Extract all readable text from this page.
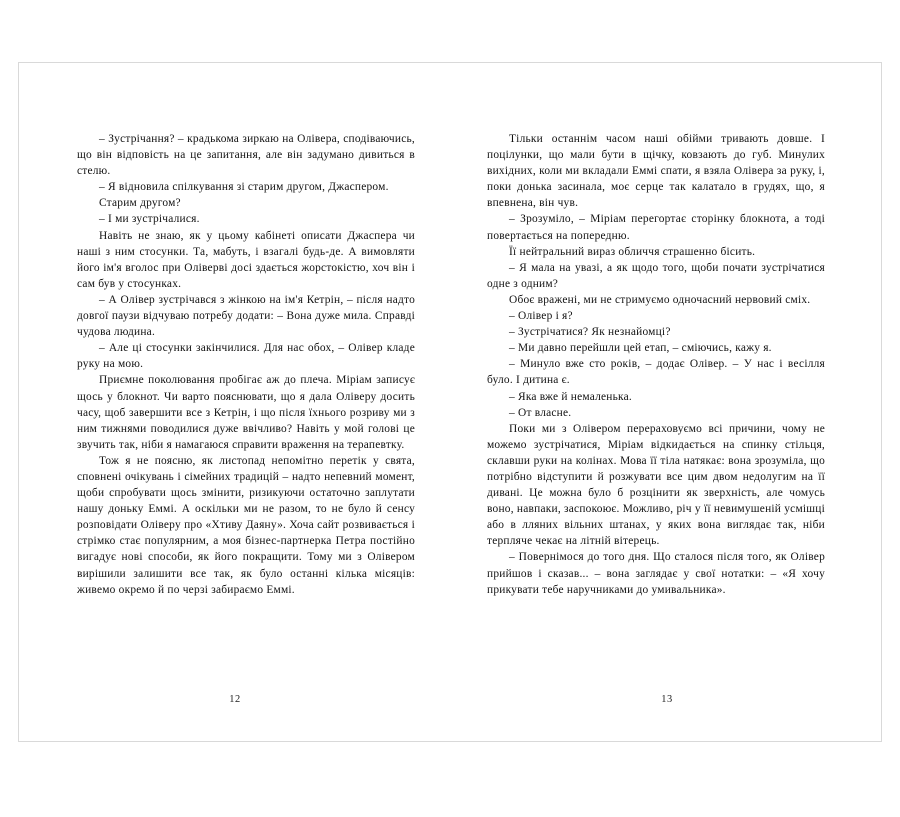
– Зустрічання? – крадькома зиркаю на Олівера, сподіваючись, що він відповість на це запитання, але він задумано дивиться в стелю.

– Я відновила спілкування зі старим другом, Джаспером.

Старим другом?

– І ми зустрічалися.

Навіть не знаю, як у цьому кабінеті описати Джаспера чи наші з ним стосунки. Та, мабуть, і взагалі будь-де. А вимовляти його ім'я вголос при Оліверві досі здається жорстокістю, хоч він і сам був у стосунках.

– А Олівер зустрічався з жінкою на ім'я Кетрін, – після надто довгої паузи відчуваю потребу додати: – Вона дуже мила. Справді чудова людина.

– Але ці стосунки закінчилися. Для нас обох, – Олівер кладе руку на мою.

Приємне поколювання пробігає аж до плеча. Міріам записує щось у блокнот. Чи варто пояснювати, що я дала Оліверу досить часу, щоб завершити все з Кетрін, і що після їхнього розриву ми з ним тижнями поводилися дуже ввічливо? Навіть у мой голові це звучить так, ніби я намагаюся справити враження на терапевтку.

Тож я не поясню, як листопад непомітно перетік у свята, сповнені очікувань і сімейних традицій – надто непевний момент, щоби спробувати щось змінити, ризикуючи остаточно заплутати нашу доньку Еммі. А оскільки ми не разом, то не було й сенсу розповідати Оліверу про «Хтиву Даяну». Хоча сайт розвивається і стрімко стає популярним, а моя бізнес-партнерка Петра постійно вигадує нові способи, як його покращити. Тому ми з Олівером вирішили залишити все так, як було останні кілька місяців: живемо окремо й по черзі забираємо Еммі.

12

Тільки останнім часом наші обійми тривають довше. І поцілунки, що мали бути в щічку, ковзають до губ. Минулих вихідних, коли ми вкладали Еммі спати, я взяла Олівера за руку, і, поки донька засинала, моє серце так калатало в грудях, що, я впевнена, він чув.

– Зрозуміло, – Міріам перегортає сторінку блокнота, а тоді повертається на попередню.

Її нейтральний вираз обличчя страшенно бісить.

– Я мала на увазі, а як щодо того, щоби почати зустрічатися одне з одним?

Обоє вражені, ми не стримуємо одночасний нервовий сміх.

– Олівер і я?

– Зустрічатися? Як незнайомці?

– Ми давно перейшли цей етап, – сміючись, кажу я.

– Минуло вже сто років, – додає Олівер. – У нас і весілля було. І дитина є.

– Яка вже й немаленька.

– От власне.

Поки ми з Олівером перераховуємо всі причини, чому не можемо зустрічатися, Міріам відкидається на спинку стільця, склавши руки на колінах. Мова її тіла натякає: вона зрозуміла, що потрібно відступити й розжувати все цим двом недолугим на її дивані. Це можна було б розцінити як зверхність, але чомусь воно, навпаки, заспокоює. Можливо, річ у її невимушеній усмішці або в лляних вільних штанах, у яких вона виглядає так, ніби терпляче чекає на літній вітерець.

– Повернімося до того дня. Що сталося після того, як Олівер прийшов і сказав... – вона заглядає у свої нотатки: – «Я хочу прикувати тебе наручниками до умивальника».

13
